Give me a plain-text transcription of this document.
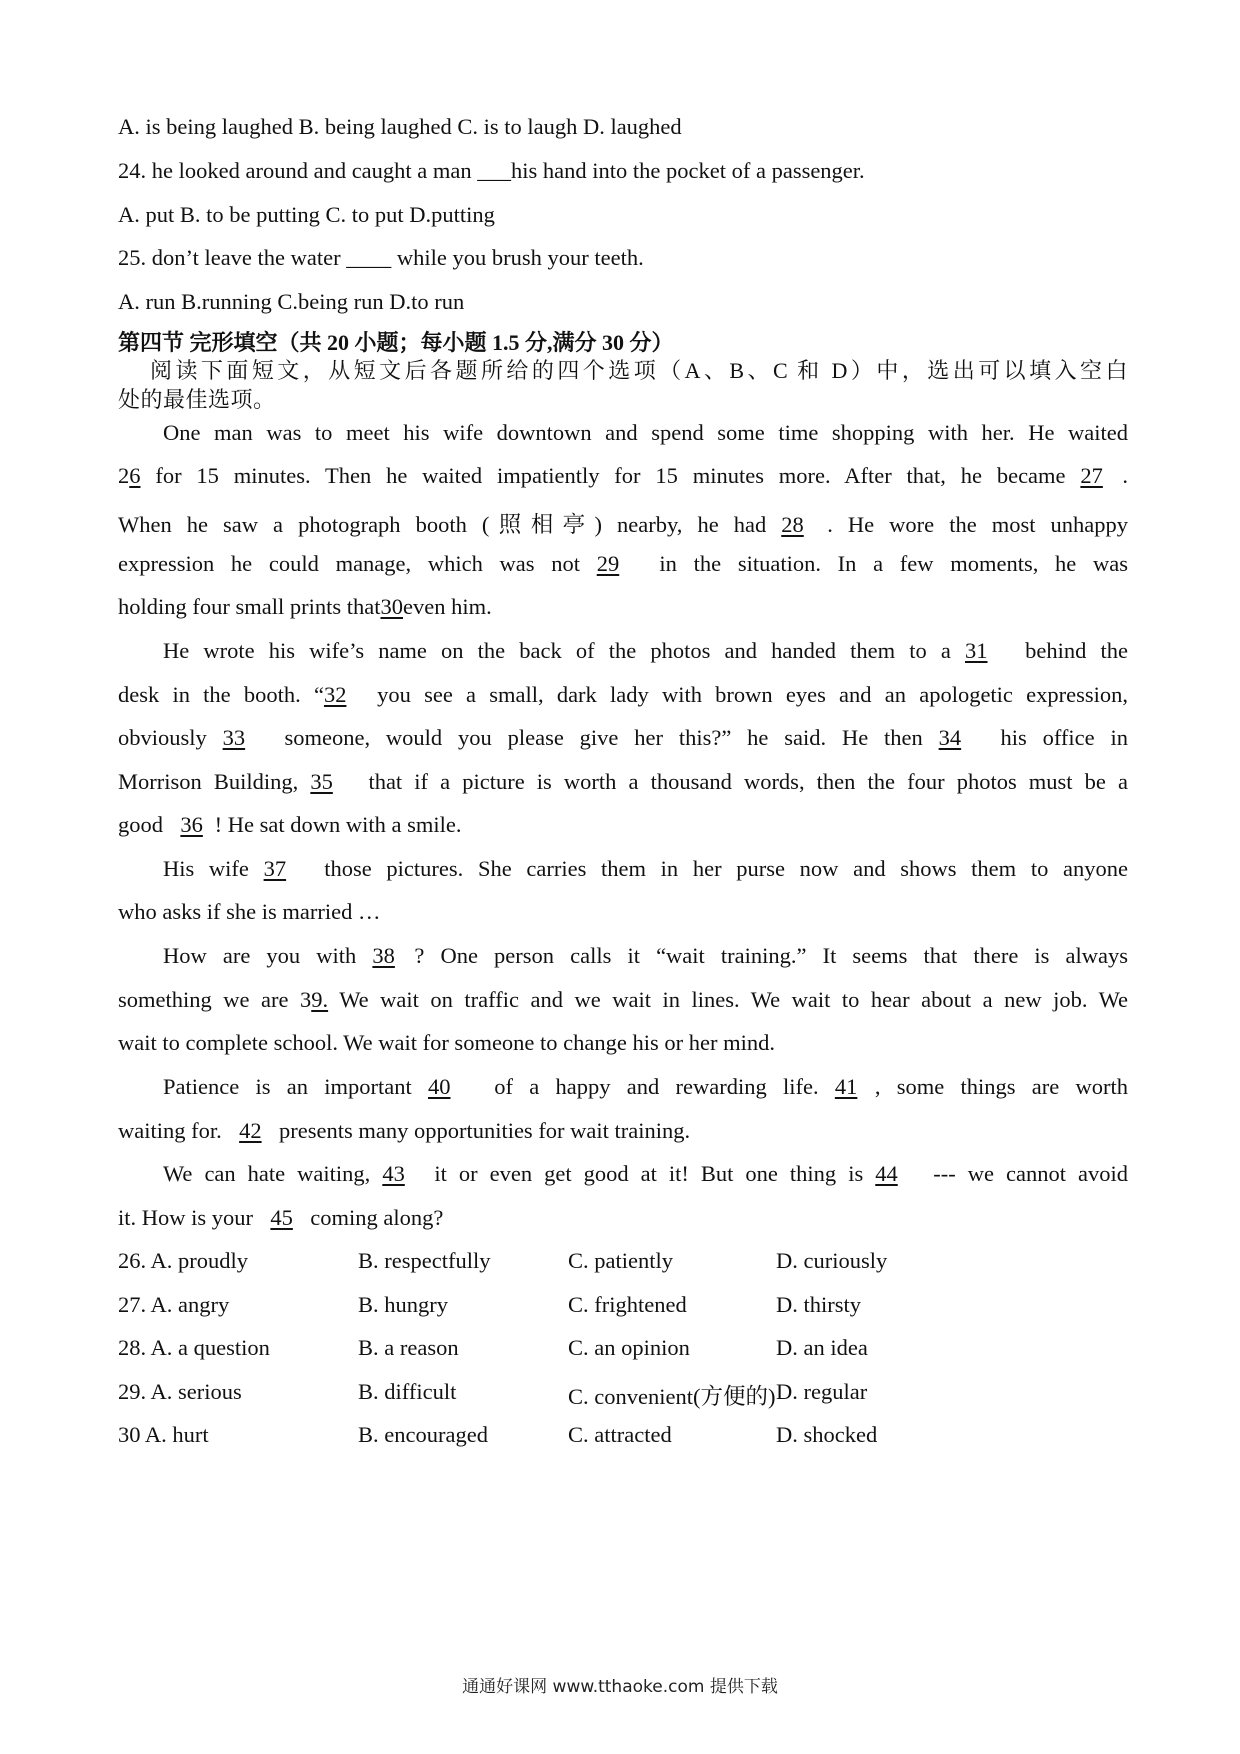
A. is being laughed B. being laughed C. is to laugh D. laughed
24. he looked around and caught a man ___his hand into the pocket of a passenger.
A. put B. to be putting C. to put D.putting
25. don’t leave the water ____ while you brush your teeth.
A. run B.running C.being run D.to run
第四节 完形填空（共 20 小题；每小题 1.5 分,满分 30 分）
阅读下面短文，从短文后各题所给的四个选项（A、B、C 和 D）中，选出可以填入空白
处的最佳选项。
One man was to meet his wife downtown and spend some time shopping with her. He waited
26 for 15 minutes. Then he waited impatiently for 15 minutes more. After that, he became 27 .
When he saw a photograph booth (照相亭) nearby, he had 28 . He wore the most unhappy
expression he could manage, which was not 29 in the situation. In a few moments, he was
holding four small prints that30even him.
He wrote his wife’s name on the back of the photos and handed them to a 31 behind the
desk in the booth. “32 you see a small, dark lady with brown eyes and an apologetic expression,
obviously 33 someone, would you please give her this?” he said. He then 34 his office in
Morrison Building, 35 that if a picture is worth a thousand words, then the four photos must be a
good 36 ! He sat down with a smile.
His wife 37 those pictures. She carries them in her purse now and shows them to anyone
who asks if she is married …
How are you with 38 ? One person calls it “wait training.” It seems that there is always
something we are 39. We wait on traffic and we wait in lines. We wait to hear about a new job. We
wait to complete school. We wait for someone to change his or her mind.
Patience is an important 40 of a happy and rewarding life. 41 , some things are worth
waiting for. 42 presents many opportunities for wait training.
We can hate waiting, 43 it or even get good at it! But one thing is 44 --- we cannot avoid
it. How is your 45 coming along?
26. A. proudly	B. respectfully	C. patiently	D. curiously
27. A. angry	B. hungry	C. frightened	D. thirsty
28. A. a question	B. a reason	C. an opinion	D. an idea
29. A. serious	B. difficult	C. convenient(方便的) D. regular
30 A. hurt	B. encouraged	C. attracted	D. shocked
通通好课网 www.tthaoke.com 提供下载
